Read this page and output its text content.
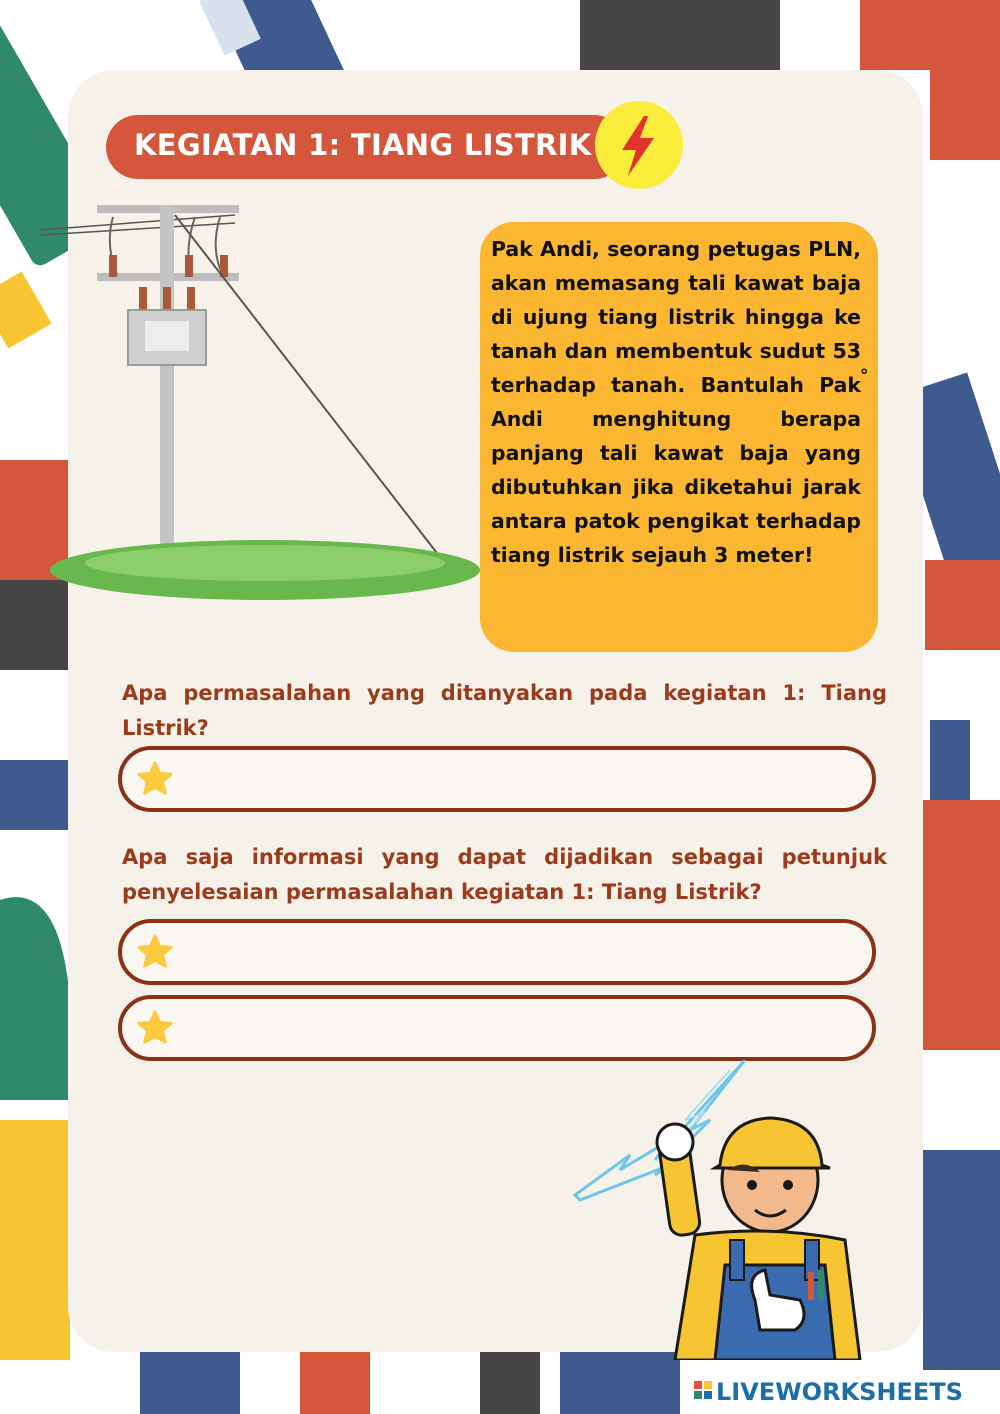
KEGIATAN 1: TIANG LISTRIK
Pak Andi, seorang petugas PLN, akan memasang tali kawat baja di ujung tiang listrik hingga ke tanah dan membentuk sudut 53 terhadap tanah. Bantulah Pak Andi menghitung berapa panjang tali kawat baja yang dibutuhkan jika diketahui jarak antara patok pengikat terhadap tiang listrik sejauh 3 meter!
°
Apa permasalahan yang ditanyakan pada kegiatan 1: Tiang Listrik?
Apa saja informasi yang dapat dijadikan sebagai petunjuk penyelesaian permasalahan kegiatan 1: Tiang Listrik?
LIVEWORKSHEETS
